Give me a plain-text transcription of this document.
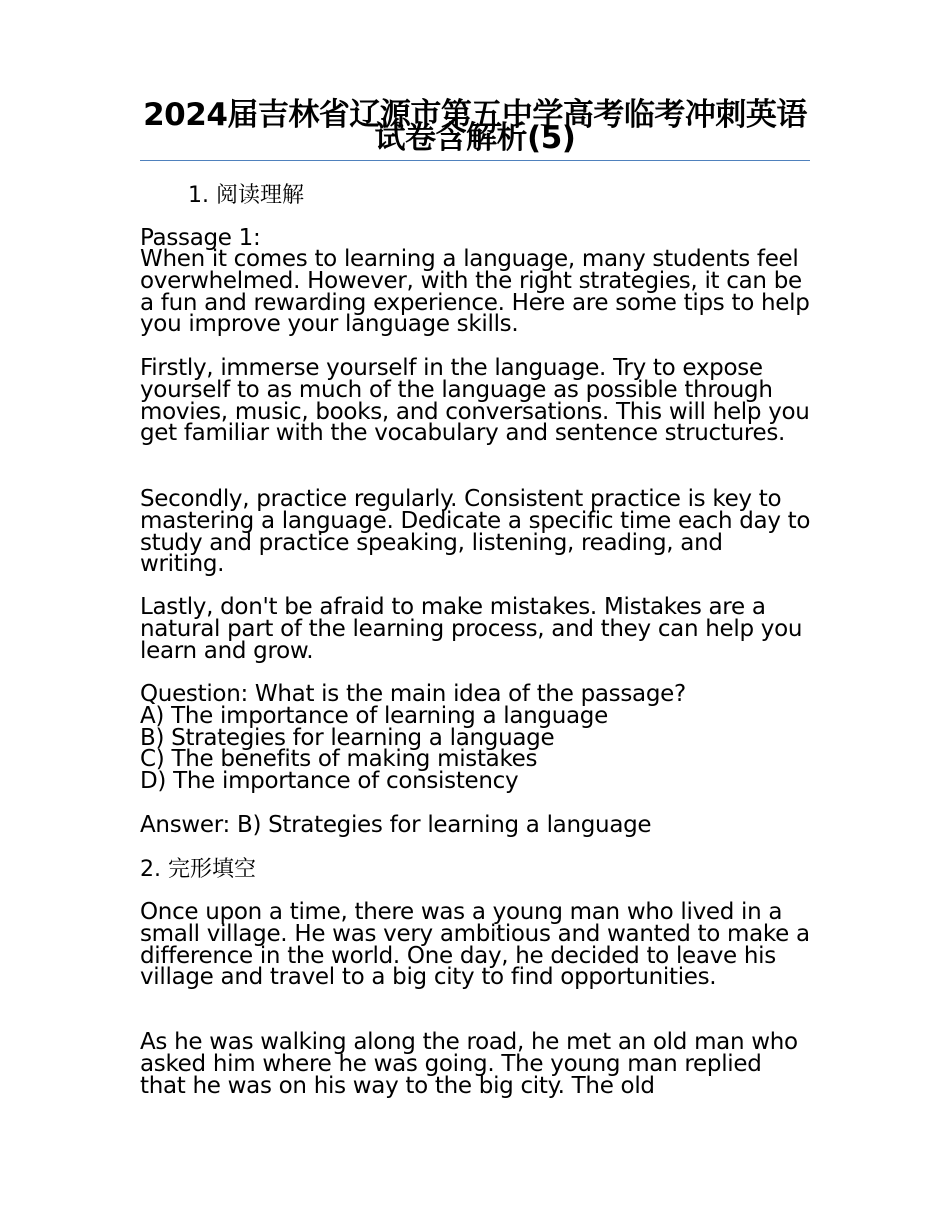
2024届吉林省辽源市第五中学高考临考冲刺英语试卷含解析(5)
1. 阅读理解
Passage 1:
When it comes to learning a language, many students feel overwhelmed. However, with the right strategies, it can be a fun and rewarding experience. Here are some tips to help you improve your language skills.
Firstly, immerse yourself in the language. Try to expose yourself to as much of the language as possible through movies, music, books, and conversations. This will help you get familiar with the vocabulary and sentence structures.
Secondly, practice regularly. Consistent practice is key to mastering a language. Dedicate a specific time each day to study and practice speaking, listening, reading, and writing.
Lastly, don't be afraid to make mistakes. Mistakes are a natural part of the learning process, and they can help you learn and grow.
Question: What is the main idea of the passage?
A) The importance of learning a language
B) Strategies for learning a language
C) The benefits of making mistakes
D) The importance of consistency
Answer: B) Strategies for learning a language
2. 完形填空
Once upon a time, there was a young man who lived in a small village. He was very ambitious and wanted to make a difference in the world. One day, he decided to leave his village and travel to a big city to find opportunities.
As he was walking along the road, he met an old man who asked him where he was going. The young man replied that he was on his way to the big city. The old
